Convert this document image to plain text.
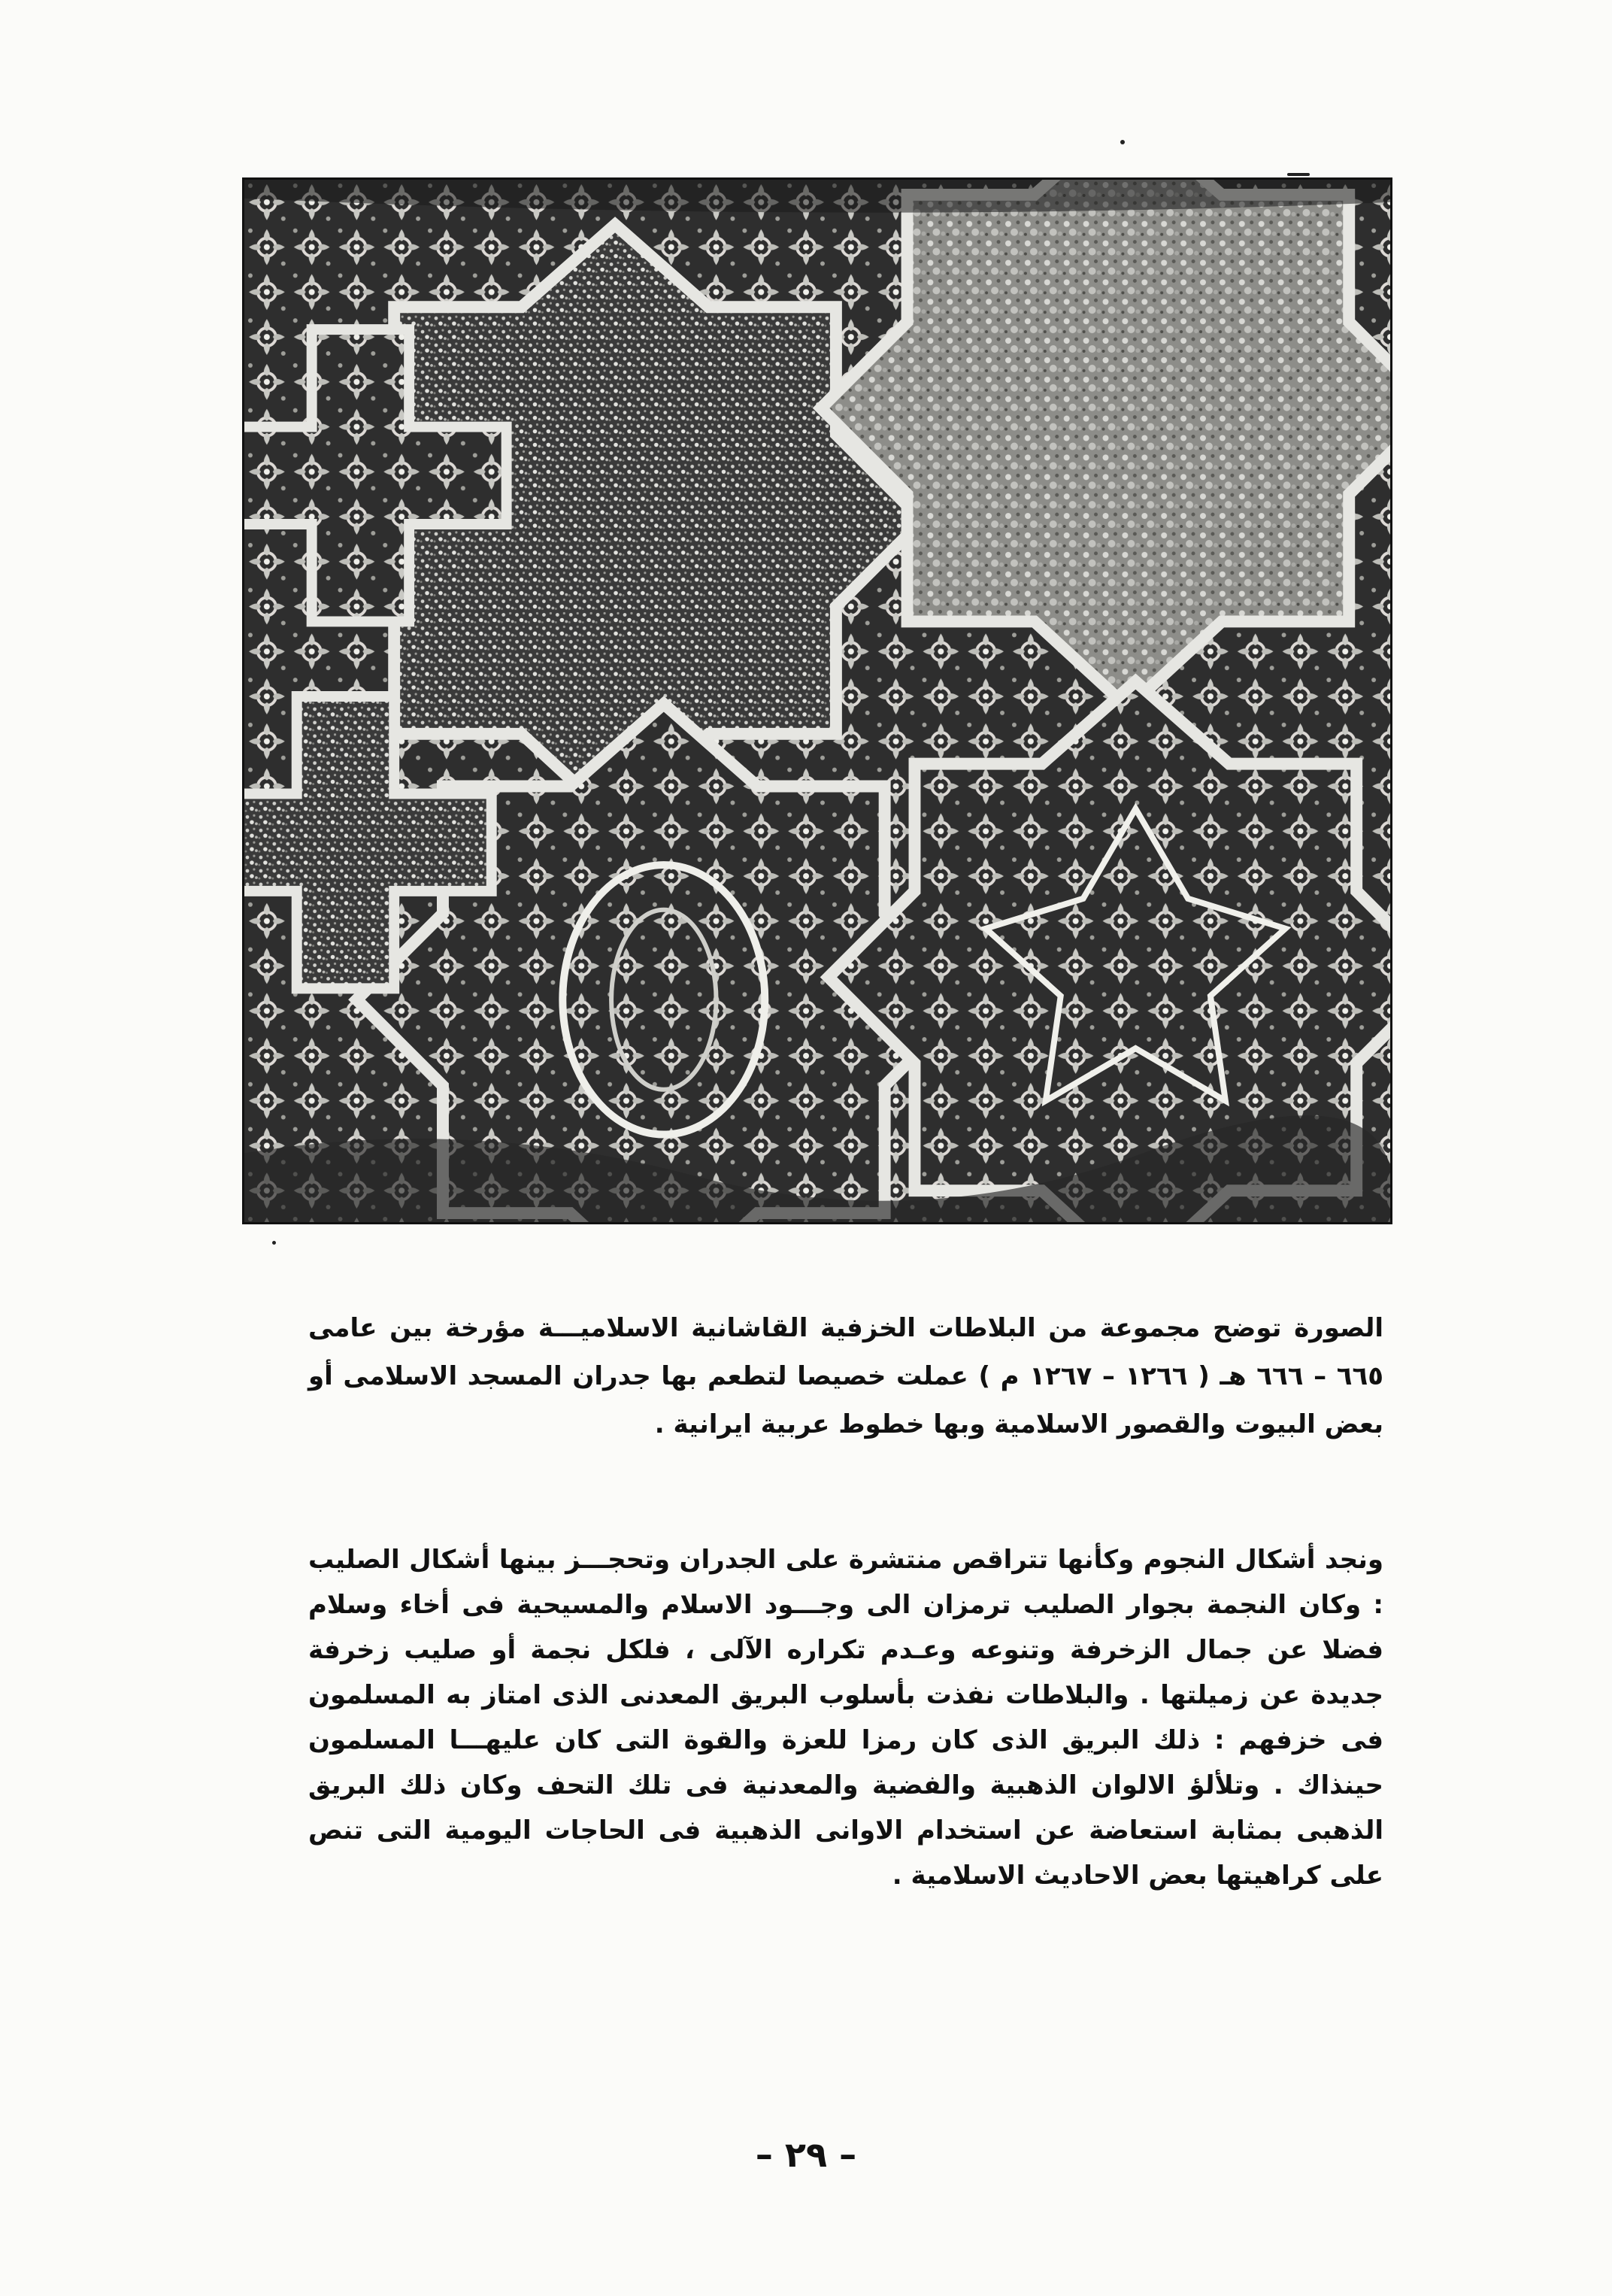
الصورة توضح مجموعة من البلاطات الخزفية القاشانية الاسلاميـــة مؤرخة بين عامى ٦٦٥ – ٦٦٦ هـ ( ١٢٦٦ – ١٢٦٧ م ) عملت خصيصا لتطعم بها جدران المسجد الاسلامى أو بعض البيوت والقصور الاسلامية وبها خطوط عربية ايرانية .

ونجد أشكال النجوم وكأنها تتراقص منتشرة على الجدران وتحجـــز بينها أشكال الصليب : وكان النجمة بجوار الصليب ترمزان الى وجـــود الاسلام والمسيحية فى أخاء وسلام فضلا عن جمال الزخرفة وتنوعه وعـدم تكراره الآلى ، فلكل نجمة أو صليب زخرفة جديدة عن زميلتها . والبلاطات نفذت بأسلوب البريق المعدنى الذى امتاز به المسلمون فى خزفهم : ذلك البريق الذى كان رمزا للعزة والقوة التى كان عليهـــا المسلمون حينذاك . وتلألؤ الالوان الذهبية والفضية والمعدنية فى تلك التحف وكان ذلك البريق الذهبى بمثابة استعاضة عن استخدام الاوانى الذهبية فى الحاجات اليومية التى تنص على كراهيتها بعض الاحاديث الاسلامية .

– ٢٩ –
